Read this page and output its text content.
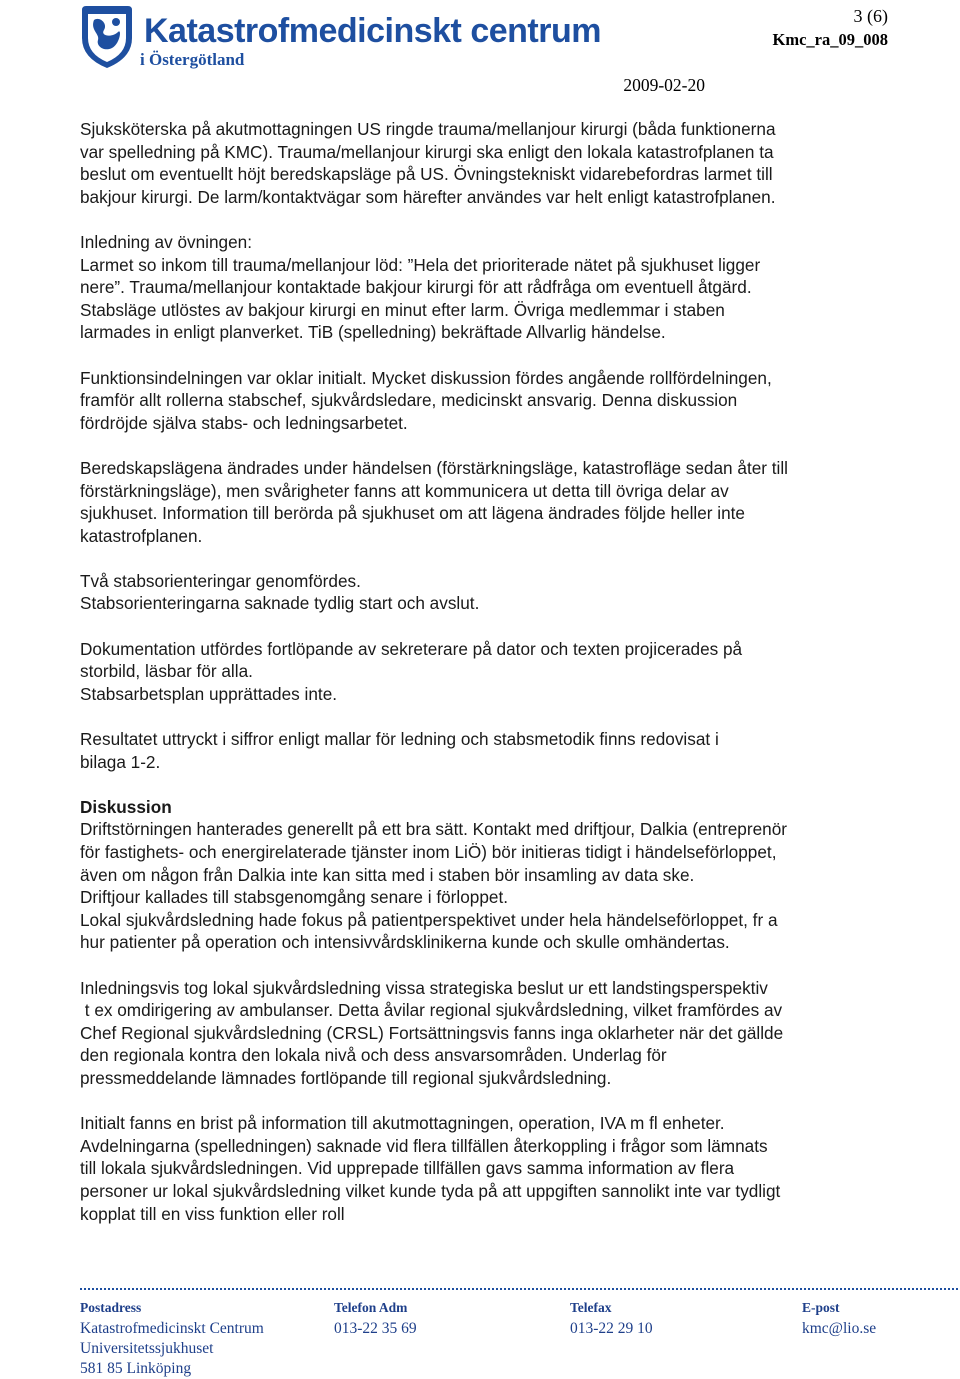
Katastrofmedicinskt centrum
i Östergötland
3 (6)
Kmc_ra_09_008
2009-02-20

Sjuksköterska på akutmottagningen US ringde trauma/mellanjour kirurgi (båda funktionerna
var spelledning på KMC). Trauma/mellanjour kirurgi ska enligt den lokala katastrofplanen ta
beslut om eventuellt höjt beredskapsläge på US. Övningstekniskt vidarebefordras larmet till
bakjour kirurgi. De larm/kontaktvägar som härefter användes var helt enligt katastrofplanen.

Inledning av övningen:
Larmet so inkom till trauma/mellanjour löd: ”Hela det prioriterade nätet på sjukhuset ligger
nere”. Trauma/mellanjour kontaktade bakjour kirurgi för att rådfråga om eventuell åtgärd.
Stabsläge utlöstes av bakjour kirurgi en minut efter larm. Övriga medlemmar i staben
larmades in enligt planverket. TiB (spelledning) bekräftade Allvarlig händelse.

Funktionsindelningen var oklar initialt. Mycket diskussion fördes angående rollfördelningen,
framför allt rollerna stabschef, sjukvårdsledare, medicinskt ansvarig. Denna diskussion
fördröjde själva stabs- och ledningsarbetet.

Beredskapslägena ändrades under händelsen (förstärkningsläge, katastrofläge sedan åter till
förstärkningsläge), men svårigheter fanns att kommunicera ut detta till övriga delar av
sjukhuset. Information till berörda på sjukhuset om att lägena ändrades följde heller inte
katastrofplanen.

Två stabsorienteringar genomfördes.
Stabsorienteringarna saknade tydlig start och avslut.

Dokumentation utfördes fortlöpande av sekreterare på dator och texten projicerades på
storbild, läsbar för alla.
Stabsarbetsplan upprättades inte.

Resultatet uttryckt i siffror enligt mallar för ledning och stabsmetodik finns redovisat i
bilaga 1-2.

Diskussion

Driftstörningen hanterades generellt på ett bra sätt. Kontakt med driftjour, Dalkia (entreprenör
för fastighets- och energirelaterade tjänster inom LiÖ) bör initieras tidigt i händelseförloppet,
även om någon från Dalkia inte kan sitta med i staben bör insamling av data ske.
Driftjour kallades till stabsgenomgång senare i förloppet.
Lokal sjukvårdsledning hade fokus på patientperspektivet under hela händelseförloppet, fr a
hur patienter på operation och intensivvårdsklinikerna kunde och skulle omhändertas.

Inledningsvis tog lokal sjukvårdsledning vissa strategiska beslut ur ett landstingsperspektiv
t ex omdirigering av ambulanser. Detta åvilar regional sjukvårdsledning, vilket framfördes av
Chef Regional sjukvårdsledning (CRSL) Fortsättningsvis fanns inga oklarheter när det gällde
den regionala kontra den lokala nivå och dess ansvarsområden. Underlag för
pressmeddelande lämnades fortlöpande till regional sjukvårdsledning.

Initialt fanns en brist på information till akutmottagningen, operation, IVA m fl enheter.
Avdelningarna (spelledningen) saknade vid flera tillfällen återkoppling i frågor som lämnats
till lokala sjukvårdsledningen. Vid upprepade tillfällen gavs samma information av flera
personer ur lokal sjukvårdsledning vilket kunde tyda på att uppgiften sannolikt inte var tydligt
kopplat till en viss funktion eller roll

Postadress
Katastrofmedicinskt Centrum
Universitetssjukhuset
581 85 Linköping
Telefon Adm
013-22 35 69
Telefax
013-22 29 10
E-post
kmc@lio.se
